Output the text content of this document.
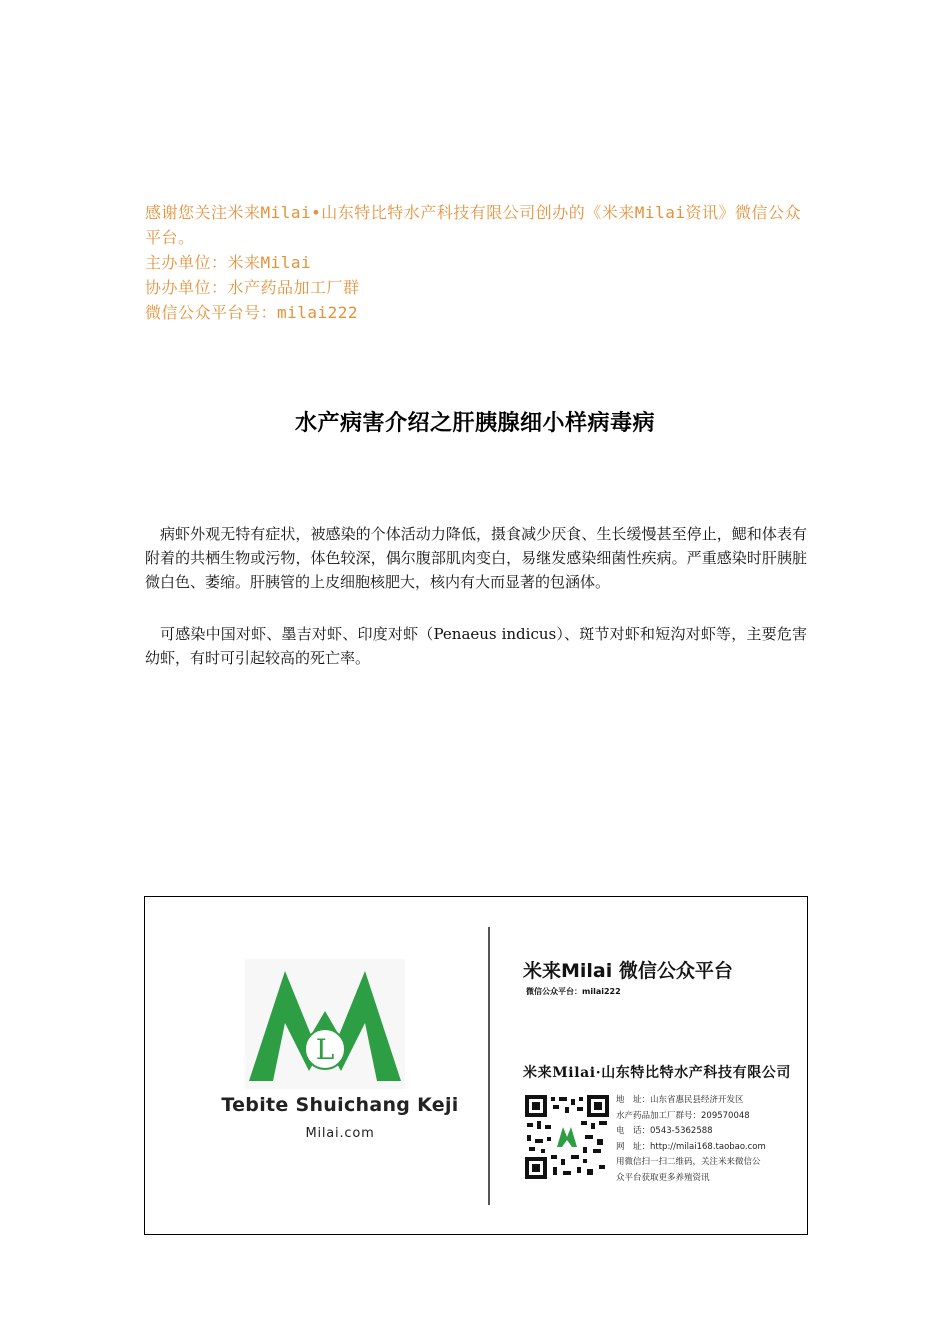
感谢您关注米来Milai•山东特比特水产科技有限公司创办的《米来Milai资讯》微信公众平台。

主办单位：米来Milai

协办单位：水产药品加工厂群

微信公众平台号：milai222

水产病害介绍之肝胰腺细小样病毒病

病虾外观无特有症状，被感染的个体活动力降低，摄食减少厌食、生长缓慢甚至停止，鳃和体表有附着的共栖生物或污物，体色较深，偶尔腹部肌肉变白，易继发感染细菌性疾病。严重感染时肝胰脏微白色、萎缩。肝胰管的上皮细胞核肥大，核内有大而显著的包涵体。

可感染中国对虾、墨吉对虾、印度对虾（Penaeus indicus）、斑节对虾和短沟对虾等，主要危害幼虾，有时可引起较高的死亡率。

L
Tebite Shuichang Keji
Milai.com
米来Milai 微信公众平台
微信公众平台：milai222
米来Milai·山东特比特水产科技有限公司
地　址：山东省惠民县经济开发区
水产药品加工厂群号：209570048
电　话：0543-5362588
网　址：http://milai168.taobao.com
用微信扫一扫二维码，关注米来微信公
众平台获取更多养殖资讯
